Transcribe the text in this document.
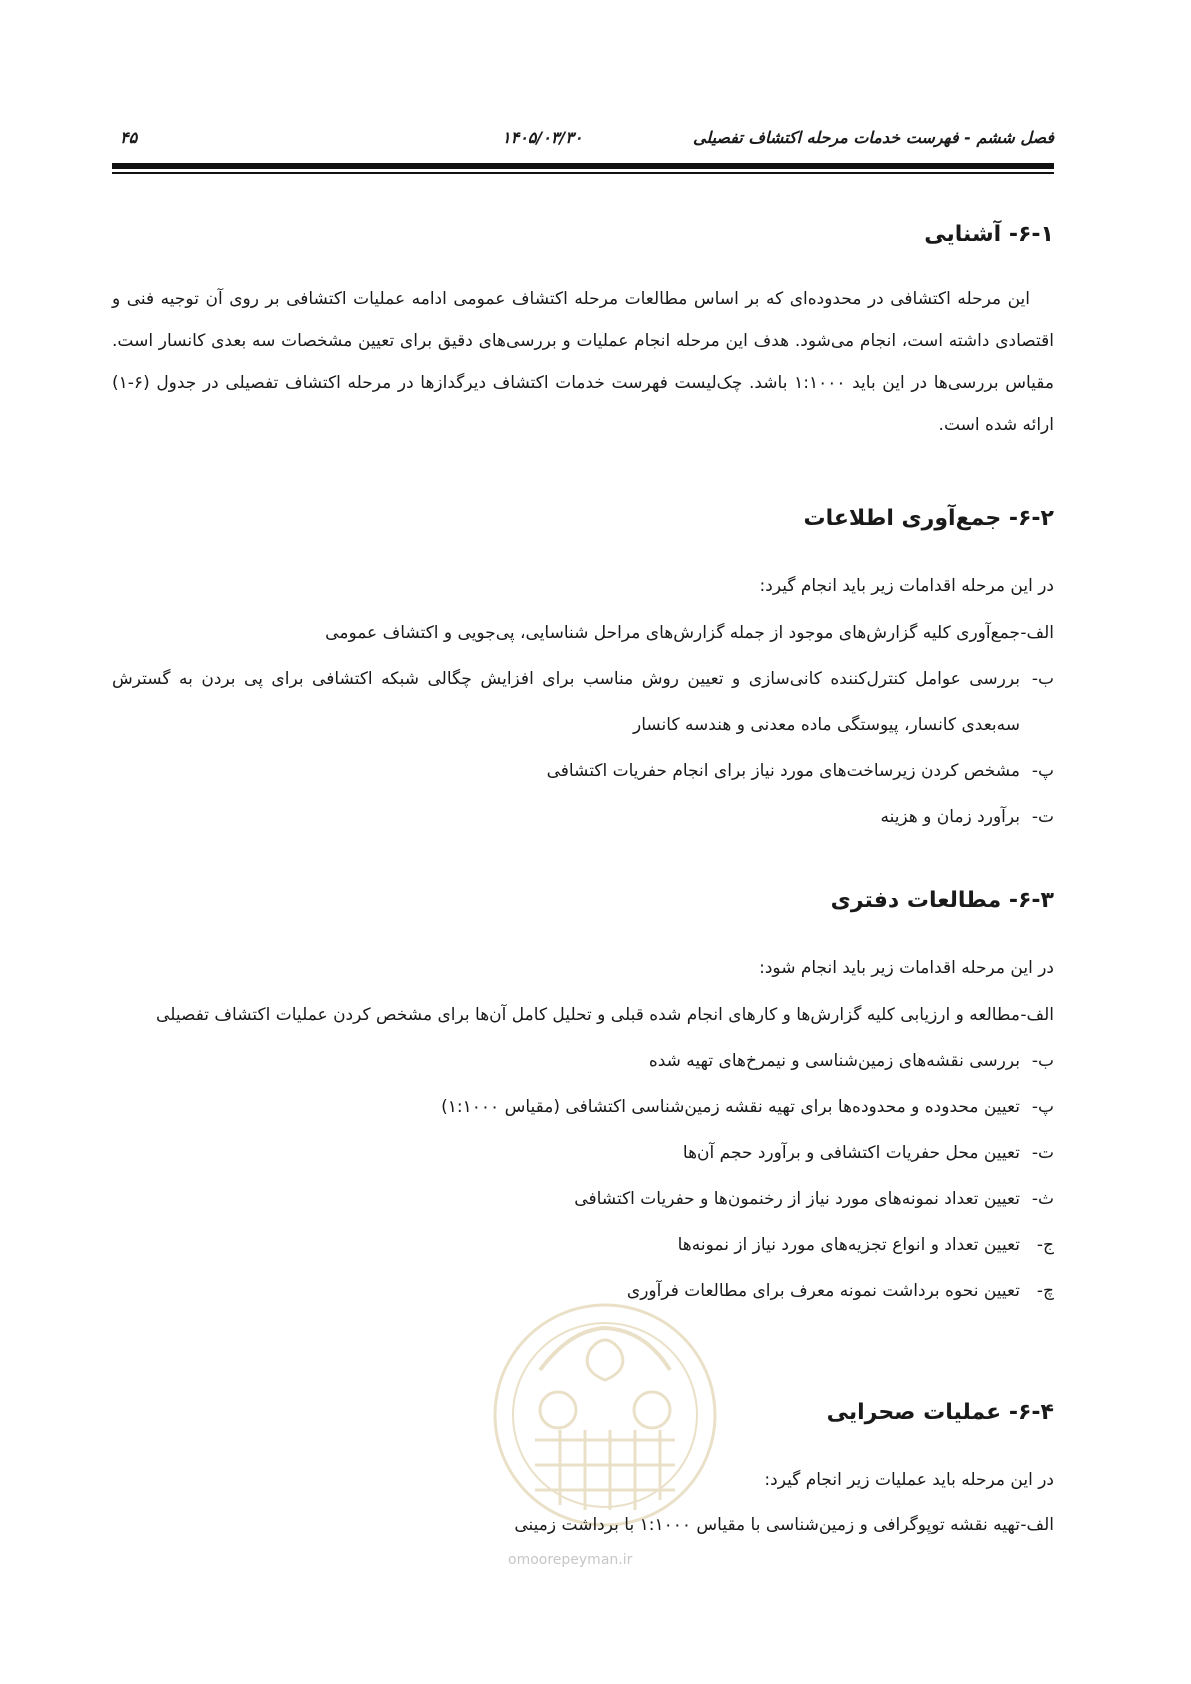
فصل ششم - فهرست خدمات مرحله اکتشاف تفصیلی
۱۴۰۵/۰۳/۳۰
۴۵
۶-۱- آشنایی

این مرحله اکتشافی در محدوده‌ای که بر اساس مطالعات مرحله اکتشاف عمومی ادامه عملیات اکتشافی بر روی آن توجیه فنی و اقتصادی داشته است، انجام می‌شود. هدف این مرحله انجام عملیات و بررسی‌های دقیق برای تعیین مشخصات سه بعدی کانسار است. مقیاس بررسی‌ها در این باید ۱:۱۰۰۰ باشد. چک‌لیست فهرست خدمات اکتشاف دیرگدازها در مرحله اکتشاف تفصیلی در جدول (۶-۱) ارائه شده است.

۶-۲- جمع‌آوری اطلاعات

در این مرحله اقدامات زیر باید انجام گیرد:

الف-
جمع‌آوری کلیه گزارش‌های موجود از جمله گزارش‌های مراحل شناسایی، پی‌جویی و اکتشاف عمومی
ب-
بررسی عوامل کنترل‌کننده کانی‌سازی و تعیین روش مناسب برای افزایش چگالی شبکه اکتشافی برای پی بردن به گسترش سه‌بعدی کانسار، پیوستگی ماده معدنی و هندسه کانسار
پ-
مشخص کردن زیرساخت‌های مورد نیاز برای انجام حفریات اکتشافی
ت-
برآورد زمان و هزینه
۶-۳- مطالعات دفتری

در این مرحله اقدامات زیر باید انجام شود:

الف-
مطالعه و ارزیابی کلیه گزارش‌ها و کارهای انجام شده قبلی و تحلیل کامل آن‌ها برای مشخص کردن عملیات اکتشاف تفصیلی
ب-
بررسی نقشه‌های زمین‌شناسی و نیمرخ‌های تهیه شده
پ-
تعیین محدوده و محدوده‌ها برای تهیه نقشه زمین‌شناسی اکتشافی (مقیاس ۱:۱۰۰۰)
ت-
تعیین محل حفریات اکتشافی و برآورد حجم آن‌ها
ث-
تعیین تعداد نمونه‌های مورد نیاز از رخنمون‌ها و حفریات اکتشافی
ج-
تعیین تعداد و انواع تجزیه‌های مورد نیاز از نمونه‌ها
چ-
تعیین نحوه برداشت نمونه معرف برای مطالعات فرآوری
omoorepeyman.ir
۶-۴- عملیات صحرایی

در این مرحله باید عملیات زیر انجام گیرد:

الف-
تهیه نقشه توپوگرافی و زمین‌شناسی با مقیاس ۱:۱۰۰۰ با برداشت زمینی
